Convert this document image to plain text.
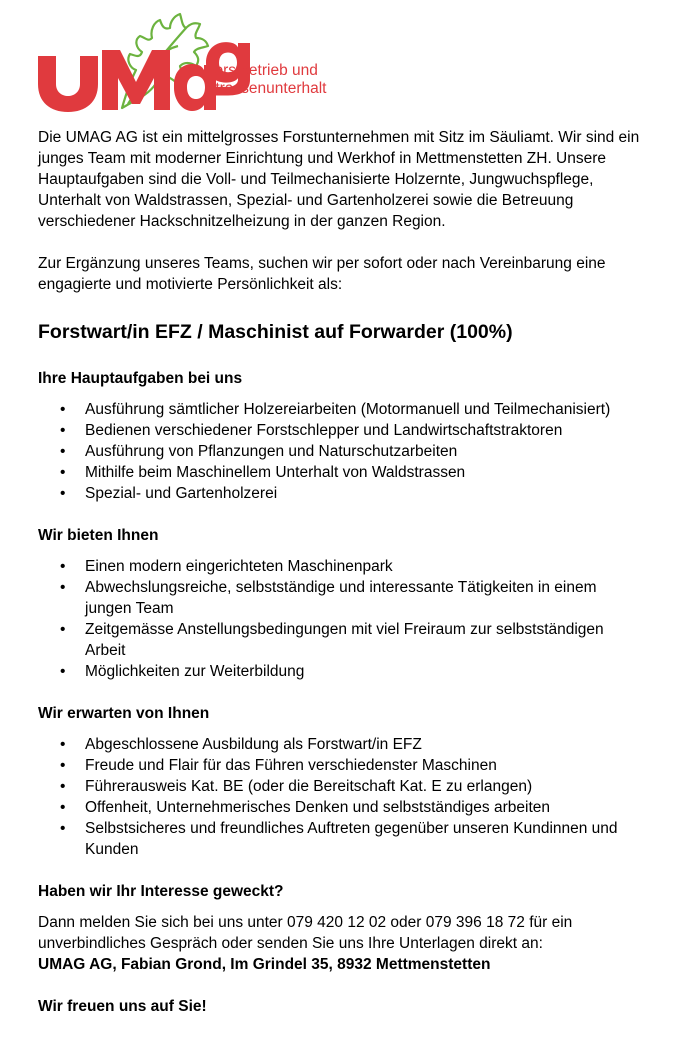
Forstbetrieb und
Strassenunterhalt

Die UMAG AG ist ein mittelgrosses Forstunternehmen mit Sitz im Säuliamt. Wir sind ein junges Team mit moderner Einrichtung und Werkhof in Mettmenstetten ZH. Unsere Hauptaufgaben sind die Voll- und Teilmechanisierte Holzernte, Jungwuchspflege, Unterhalt von Waldstrassen, Spezial- und Gartenholzerei sowie die Betreuung verschiedener Hackschnitzelheizung in der ganzen Region.

Zur Ergänzung unseres Teams, suchen wir per sofort oder nach Vereinbarung eine engagierte und motivierte Persönlichkeit als:

Forstwart/in EFZ / Maschinist auf Forwarder (100%)
Ihre Hauptaufgaben bei uns
• Ausführung sämtlicher Holzereiarbeiten (Motormanuell und Teilmechanisiert)
• Bedienen verschiedener Forstschlepper und Landwirtschaftstraktoren
• Ausführung von Pflanzungen und Naturschutzarbeiten
• Mithilfe beim Maschinellem Unterhalt von Waldstrassen
• Spezial- und Gartenholzerei
Wir bieten Ihnen
• Einen modern eingerichteten Maschinenpark
• Abwechslungsreiche, selbstständige und interessante Tätigkeiten in einem jungen Team
• Zeitgemässe Anstellungsbedingungen mit viel Freiraum zur selbstständigen Arbeit
• Möglichkeiten zur Weiterbildung
Wir erwarten von Ihnen
• Abgeschlossene Ausbildung als Forstwart/in EFZ
• Freude und Flair für das Führen verschiedenster Maschinen
• Führerausweis Kat. BE (oder die Bereitschaft Kat. E zu erlangen)
• Offenheit, Unternehmerisches Denken und selbstständiges arbeiten
• Selbstsicheres und freundliches Auftreten gegenüber unseren Kundinnen und Kunden
Haben wir Ihr Interesse geweckt?

Dann melden Sie sich bei uns unter 079 420 12 02 oder 079 396 18 72 für ein unverbindliches Gespräch oder senden Sie uns Ihre Unterlagen direkt an:

UMAG AG, Fabian Grond, Im Grindel 35, 8932 Mettmenstetten

Wir freuen uns auf Sie!
